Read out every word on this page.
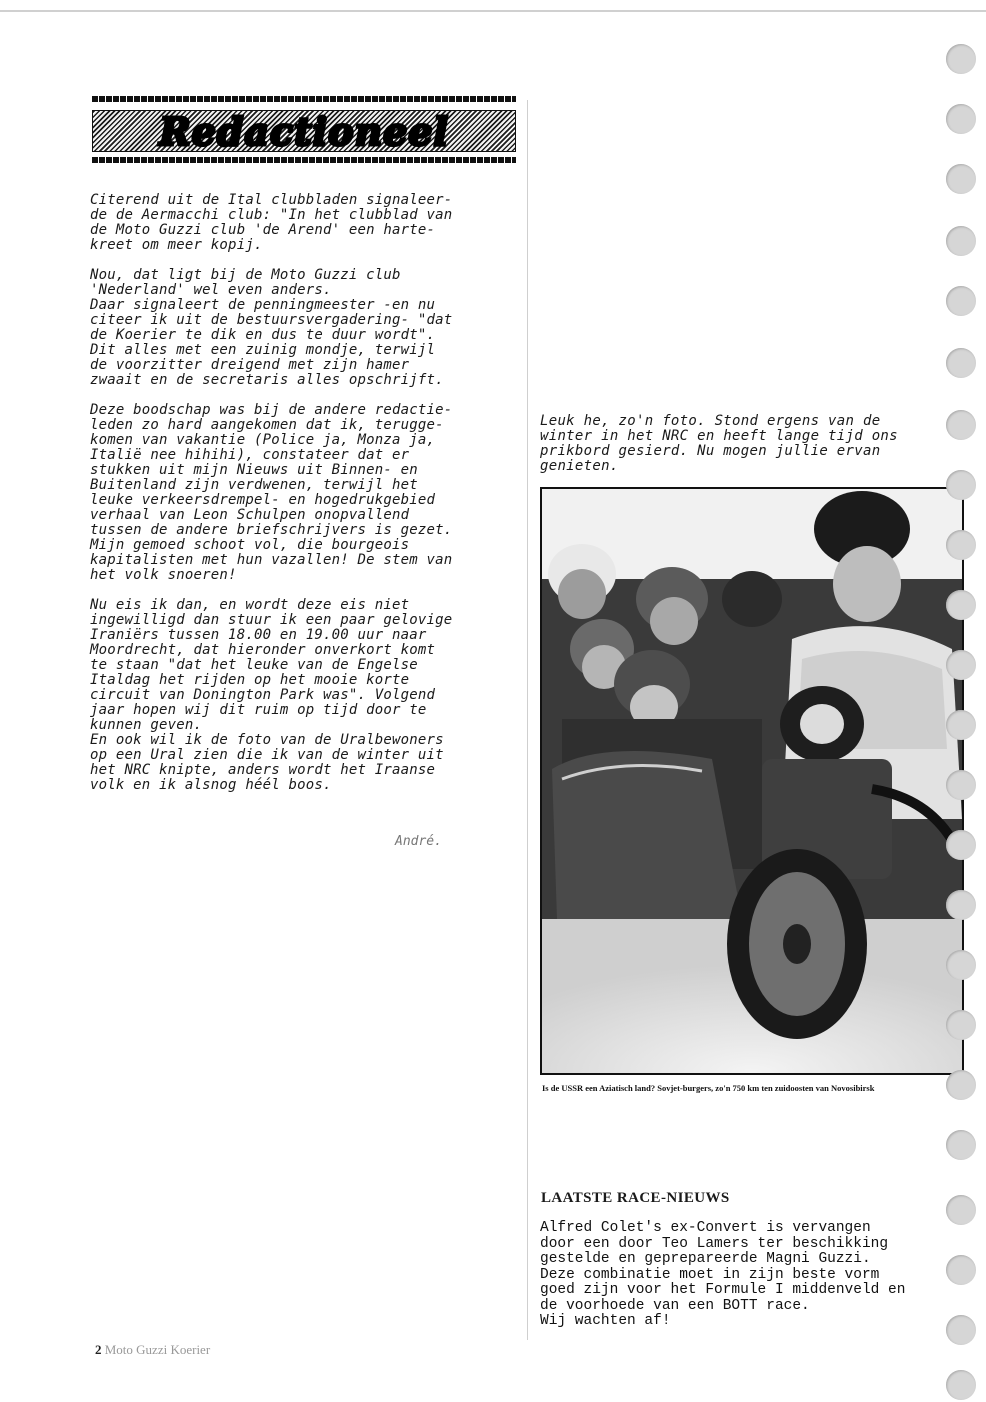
Redactioneel

Citerend uit de Ital clubbladen signaleer-
de de Aermacchi club: "In het clubblad van
de Moto Guzzi club 'de Arend' een harte-
kreet om meer kopij.

Nou, dat ligt bij de Moto Guzzi club
'Nederland' wel even anders.
Daar signaleert de penningmeester -en nu
citeer ik uit de bestuursvergadering- "dat
de Koerier te dik en dus te duur wordt".
Dit alles met een zuinig mondje, terwijl
de voorzitter dreigend met zijn hamer
zwaait en de secretaris alles opschrijft.

Deze boodschap was bij de andere redactie-
leden zo hard aangekomen dat ik, terugge-
komen van vakantie (Police ja, Monza ja,
Italië nee hihihi), constateer dat er
stukken uit mijn Nieuws uit Binnen- en
Buitenland zijn verdwenen, terwijl het
leuke verkeersdrempel- en hogedrukgebied
verhaal van Leon Schulpen onopvallend
tussen de andere briefschrijvers is gezet.
Mijn gemoed schoot vol, die bourgeois
kapitalisten met hun vazallen! De stem van
het volk snoeren!

Nu eis ik dan, en wordt deze eis niet
ingewilligd dan stuur ik een paar gelovige
Iraniërs tussen 18.00 en 19.00 uur naar
Moordrecht, dat hieronder onverkort komt
te staan "dat het leuke van de Engelse
Italdag het rijden op het mooie korte
circuit van Donington Park was". Volgend
jaar hopen wij dit ruim op tijd door te
kunnen geven.
En ook wil ik de foto van de Uralbewoners
op een Ural zien die ik van de winter uit
het NRC knipte, anders wordt het Iraanse
volk en ik alsnog héél boos.

André.
Leuk he, zo'n foto. Stond ergens van de
winter in het NRC en heeft lange tijd ons
prikbord gesierd. Nu mogen jullie ervan
genieten.
Is de USSR een Aziatisch land? Sovjet-burgers, zo'n 750 km ten zuidoosten van Novosibirsk
LAATSTE RACE-NIEUWS
Alfred Colet's ex-Convert is vervangen
door een door Teo Lamers ter beschikking
gestelde en geprepareerde Magni Guzzi.
Deze combinatie moet in zijn beste vorm
goed zijn voor het Formule I middenveld en
de voorhoede van een BOTT race.
Wij wachten af!
2 Moto Guzzi Koerier
